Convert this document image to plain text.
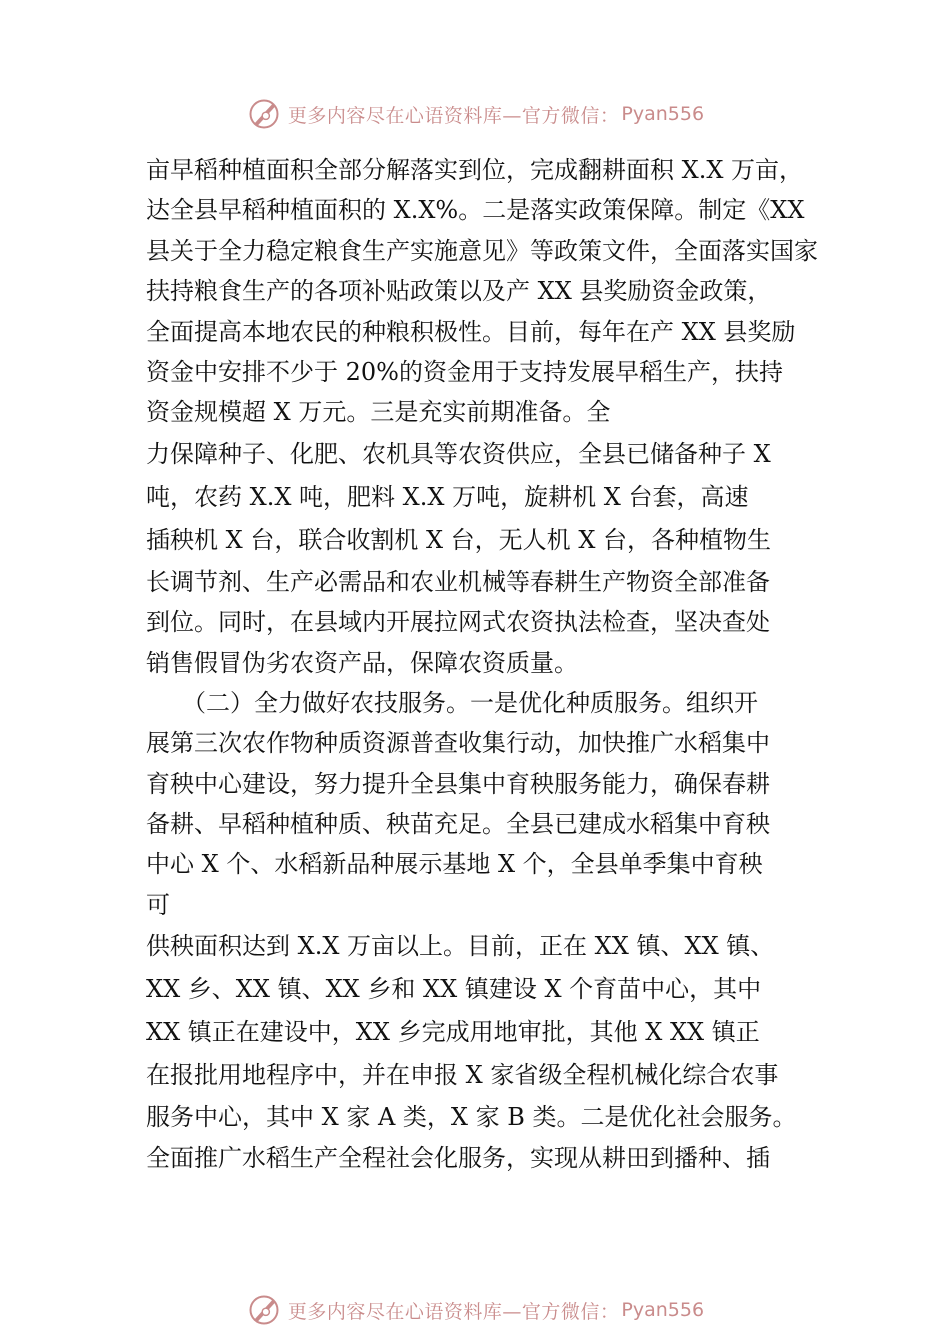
更多内容尽在心语资料库—官方微信： Pyan556
亩早稻种植面积全部分解落实到位，完成翻耕面积 X.X 万亩，
达全县早稻种植面积的 X.X%。二是落实政策保障。制定《XX
县关于全力稳定粮食生产实施意见》等政策文件，全面落实国家
扶持粮食生产的各项补贴政策以及产 XX 县奖励资金政策，
全面提高本地农民的种粮积极性。目前，每年在产 XX 县奖励
资金中安排不少于 20%的资金用于支持发展早稻生产，扶持
资金规模超 X 万元。三是充实前期准备。全
力保障种子、化肥、农机具等农资供应，全县已储备种子 X
吨，农药 X.X 吨，肥料 X.X 万吨，旋耕机 X 台套，高速
插秧机 X 台，联合收割机 X 台，无人机 X 台，各种植物生
长调节剂、生产必需品和农业机械等春耕生产物资全部准备
到位。同时，在县域内开展拉网式农资执法检查，坚决查处
销售假冒伪劣农资产品，保障农资质量。
　　（二）全力做好农技服务。一是优化种质服务。组织开
展第三次农作物种质资源普查收集行动，加快推广水稻集中
育秧中心建设，努力提升全县集中育秧服务能力，确保春耕
备耕、早稻种植种质、秧苗充足。全县已建成水稻集中育秧
中心 X 个、水稻新品种展示基地 X 个，全县单季集中育秧
可
供秧面积达到 X.X 万亩以上。目前，正在 XX 镇、XX 镇、
XX 乡、XX 镇、XX 乡和 XX 镇建设 X 个育苗中心，其中
XX 镇正在建设中，XX 乡完成用地审批，其他 X XX 镇正
在报批用地程序中，并在申报 X 家省级全程机械化综合农事
服务中心，其中 X 家 A 类，X 家 B 类。二是优化社会服务。
全面推广水稻生产全程社会化服务，实现从耕田到播种、插
更多内容尽在心语资料库—官方微信： Pyan556
